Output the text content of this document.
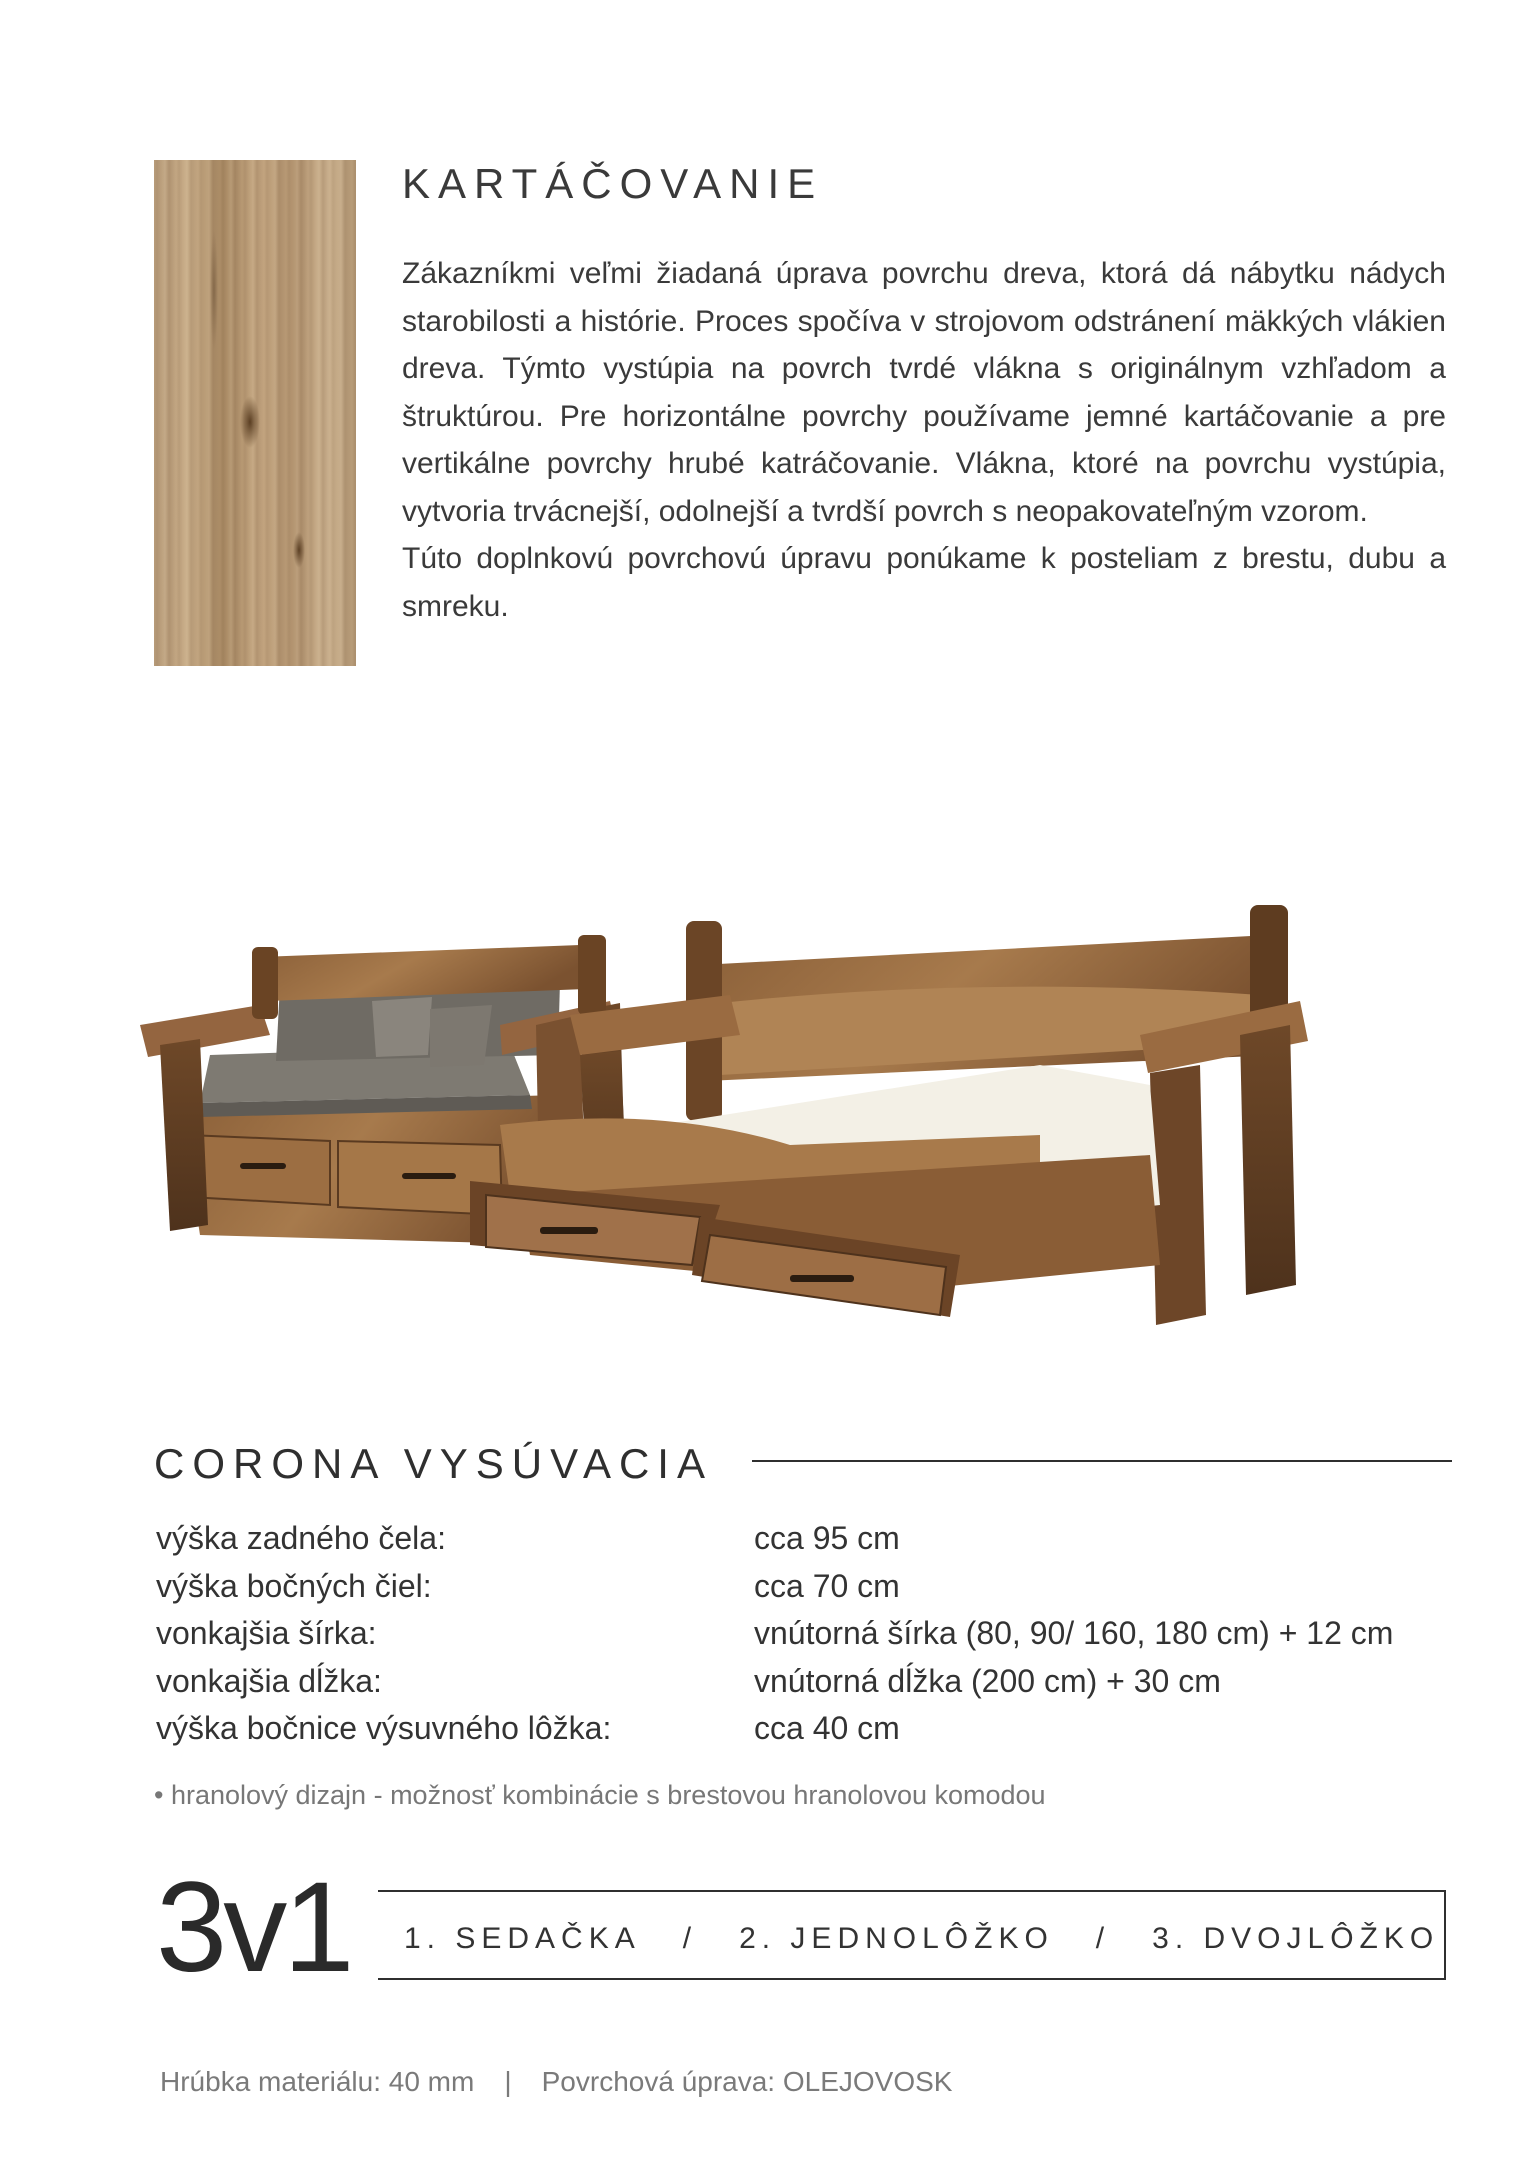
KARTÁČOVANIE

Zákazníkmi veľmi žiadaná úprava povrchu dreva, ktorá dá nábytku nádych starobilosti a histórie. Proces spočíva v strojovom odstránení mäkkých vlákien dreva. Týmto vystúpia na povrch tvrdé vlákna s originálnym vzhľadom a štruktúrou. Pre horizontálne povrchy používame jemné kartáčovanie a pre vertikálne povrchy hrubé katráčovanie. Vlákna, ktoré na povrchu vystúpia, vytvoria trvácnejší, odolnejší a tvrdší povrch s neopakovateľným vzorom.

Túto doplnkovú povrchovú úpravu ponúkame k posteliam z brestu, dubu a smreku.

CORONA VYSÚVACIA
výška zadného čela:	cca 95 cm
výška bočných čiel:	cca 70 cm
vonkajšia šírka:	vnútorná šírka (80, 90/ 160, 180 cm) + 12 cm
vonkajšia dĺžka:	vnútorná dĺžka (200 cm) + 30 cm
výška bočnice výsuvného lôžka:	cca 40 cm
• hranolový dizajn - možnosť kombinácie s brestovou hranolovou komodou
3v1 1. SEDAČKA / 2. JEDNOLÔŽKO / 3. DVOJLÔŽKO
Hrúbka materiálu: 40 mm | Povrchová úprava: OLEJOVOSK
